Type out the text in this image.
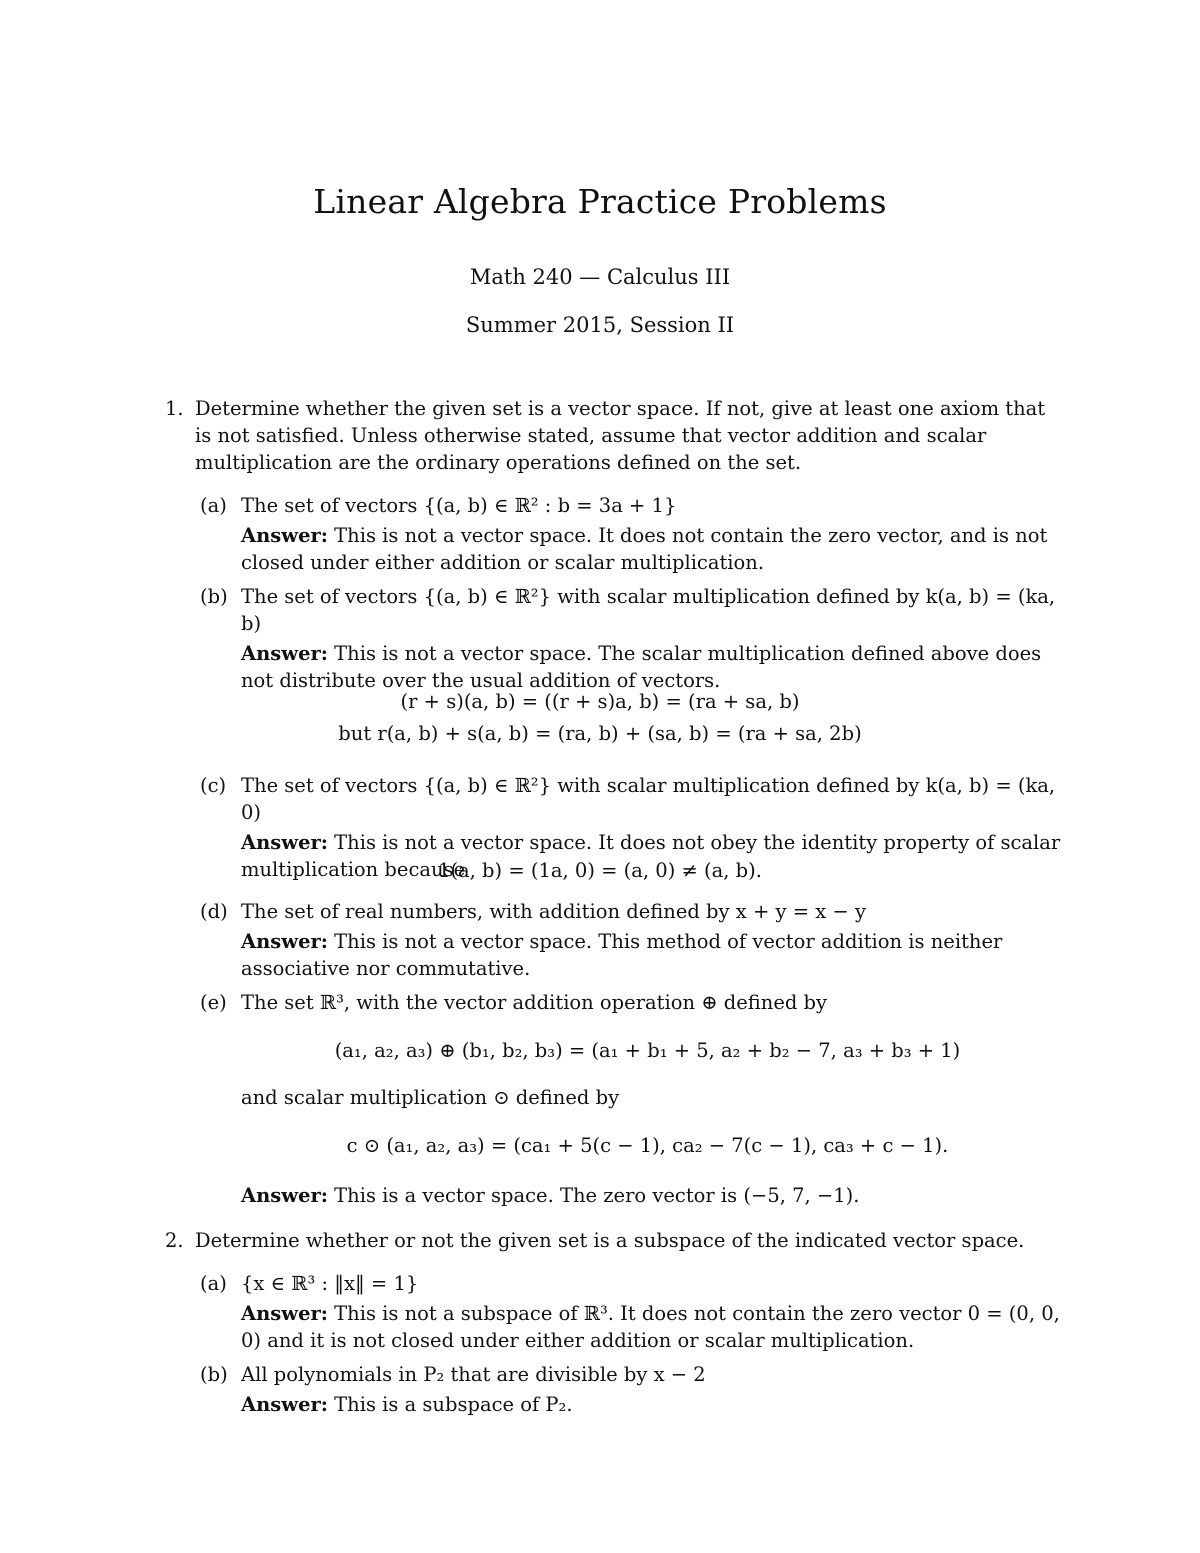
Linear Algebra Practice Problems
Math 240 — Calculus III
Summer 2015, Session II
1. Determine whether the given set is a vector space. If not, give at least one axiom that is not satisfied. Unless otherwise stated, assume that vector addition and scalar multiplication are the ordinary operations defined on the set.
(a) The set of vectors {(a, b) ∈ ℝ² : b = 3a + 1}
Answer: This is not a vector space. It does not contain the zero vector, and is not closed under either addition or scalar multiplication.
(b) The set of vectors {(a, b) ∈ ℝ²} with scalar multiplication defined by k(a, b) = (ka, b)
Answer: This is not a vector space. The scalar multiplication defined above does not distribute over the usual addition of vectors.
(r + s)(a, b) = ((r + s)a, b) = (ra + sa, b)
but r(a, b) + s(a, b) = (ra, b) + (sa, b) = (ra + sa, 2b)
(c) The set of vectors {(a, b) ∈ ℝ²} with scalar multiplication defined by k(a, b) = (ka, 0)
Answer: This is not a vector space. It does not obey the identity property of scalar multiplication because
1(a, b) = (1a, 0) = (a, 0) ≠ (a, b).
(d) The set of real numbers, with addition defined by x + y = x − y
Answer: This is not a vector space. This method of vector addition is neither associative nor commutative.
(e) The set ℝ³, with the vector addition operation ⊕ defined by
(a₁, a₂, a₃) ⊕ (b₁, b₂, b₃) = (a₁ + b₁ + 5, a₂ + b₂ − 7, a₃ + b₃ + 1)
and scalar multiplication ⊙ defined by
c ⊙ (a₁, a₂, a₃) = (ca₁ + 5(c − 1), ca₂ − 7(c − 1), ca₃ + c − 1).
Answer: This is a vector space. The zero vector is (−5, 7, −1).
2. Determine whether or not the given set is a subspace of the indicated vector space.
(a) {x ∈ ℝ³ : ‖x‖ = 1}
Answer: This is not a subspace of ℝ³. It does not contain the zero vector 0 = (0, 0, 0) and it is not closed under either addition or scalar multiplication.
(b) All polynomials in P₂ that are divisible by x − 2
Answer: This is a subspace of P₂.
